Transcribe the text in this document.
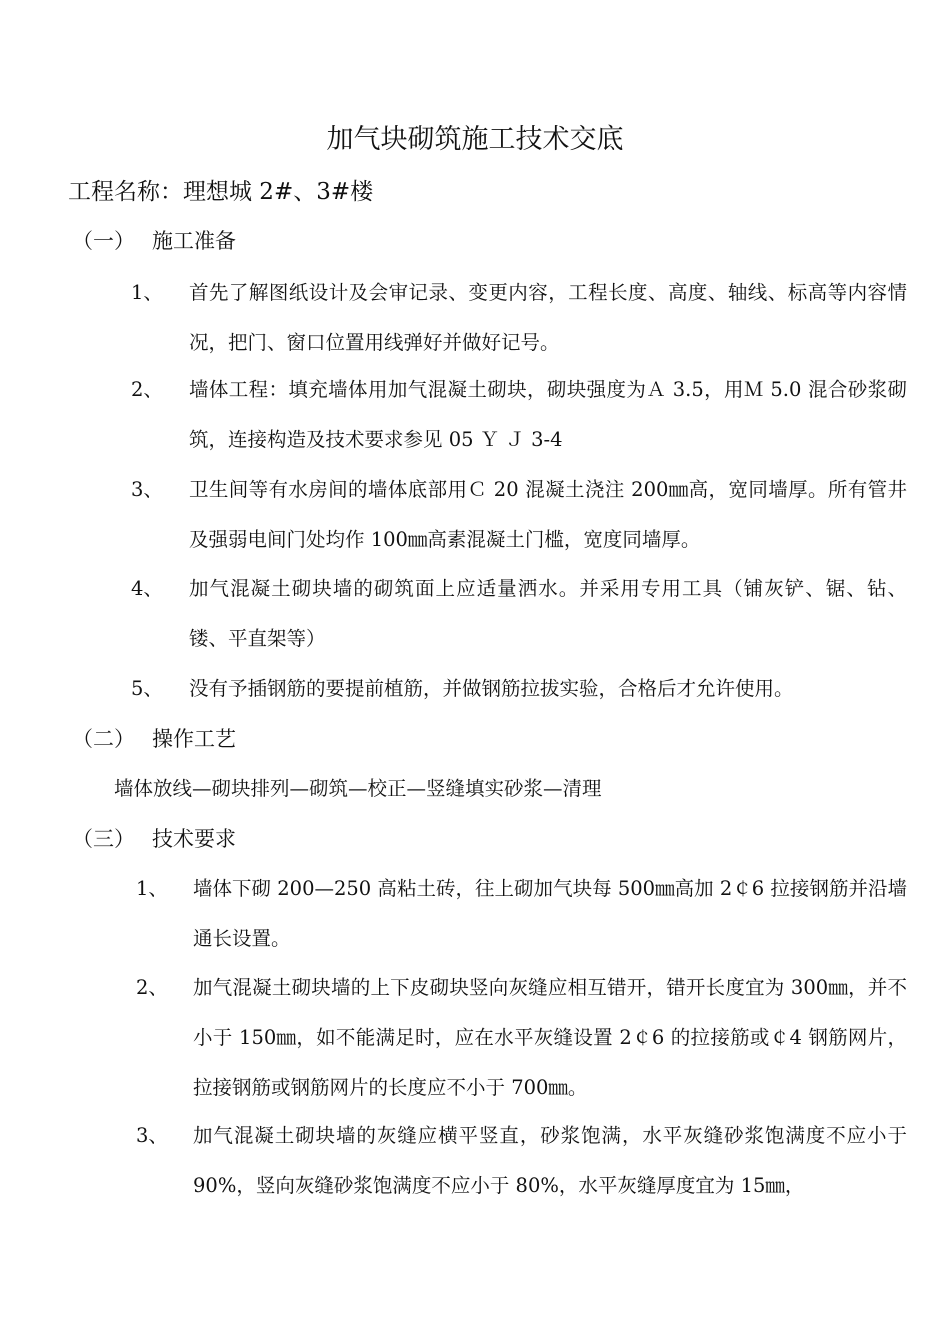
加气块砌筑施工技术交底
工程名称：理想城 2#、3#楼
（一） 施工准备
1、 首先了解图纸设计及会审记录、变更内容，工程长度、高度、轴线、标高等内容情况，把门、窗口位置用线弹好并做好记号。
2、 墙体工程：填充墙体用加气混凝土砌块，砌块强度为Ａ 3.5，用Ｍ 5.0 混合砂浆砌筑，连接构造及技术要求参见 05 Ｙ Ｊ 3-4
3、 卫生间等有水房间的墙体底部用Ｃ 20 混凝土浇注 200㎜高，宽同墙厚。所有管井及强弱电间门处均作 100㎜高素混凝土门槛，宽度同墙厚。
4、 加气混凝土砌块墙的砌筑面上应适量洒水。并采用专用工具（铺灰铲、锯、钻、镂、平直架等）
5、 没有予插钢筋的要提前植筋，并做钢筋拉拔实验，合格后才允许使用。
（二） 操作工艺
墙体放线—砌块排列—砌筑—校正—竖缝填实砂浆—清理
（三） 技术要求
1、 墙体下砌 200—250 高粘土砖，往上砌加气块每 500㎜高加 2￠6 拉接钢筋并沿墙通长设置。
2、 加气混凝土砌块墙的上下皮砌块竖向灰缝应相互错开，错开长度宜为 300㎜，并不小于 150㎜，如不能满足时，应在水平灰缝设置 2￠6 的拉接筋或￠4 钢筋网片，拉接钢筋或钢筋网片的长度应不小于 700㎜。
3、 加气混凝土砌块墙的灰缝应横平竖直，砂浆饱满，水平灰缝砂浆饱满度不应小于 90%，竖向灰缝砂浆饱满度不应小于 80%，水平灰缝厚度宜为 15㎜，
